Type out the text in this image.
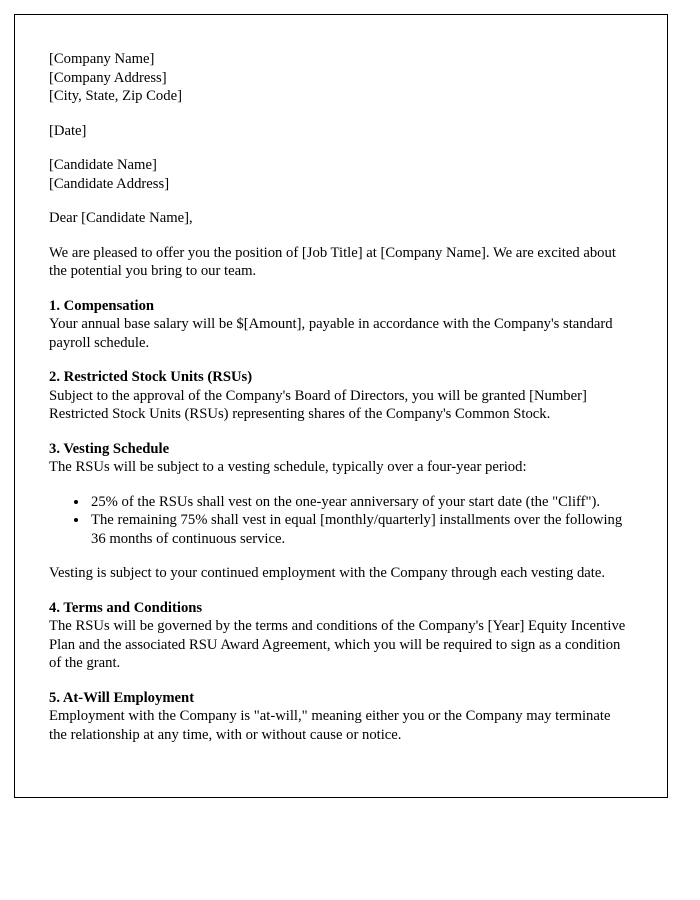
[Company Name]
[Company Address]
[City, State, Zip Code]
[Date]
[Candidate Name]
[Candidate Address]
Dear [Candidate Name],
We are pleased to offer you the position of [Job Title] at [Company Name]. We are excited about the potential you bring to our team.
1. Compensation
Your annual base salary will be $[Amount], payable in accordance with the Company's standard payroll schedule.
2. Restricted Stock Units (RSUs)
Subject to the approval of the Company's Board of Directors, you will be granted [Number] Restricted Stock Units (RSUs) representing shares of the Company's Common Stock.
3. Vesting Schedule
The RSUs will be subject to a vesting schedule, typically over a four-year period:
• 25% of the RSUs shall vest on the one-year anniversary of your start date (the "Cliff").
• The remaining 75% shall vest in equal [monthly/quarterly] installments over the following 36 months of continuous service.
Vesting is subject to your continued employment with the Company through each vesting date.
4. Terms and Conditions
The RSUs will be governed by the terms and conditions of the Company's [Year] Equity Incentive Plan and the associated RSU Award Agreement, which you will be required to sign as a condition of the grant.
5. At-Will Employment
Employment with the Company is "at-will," meaning either you or the Company may terminate the relationship at any time, with or without cause or notice.
